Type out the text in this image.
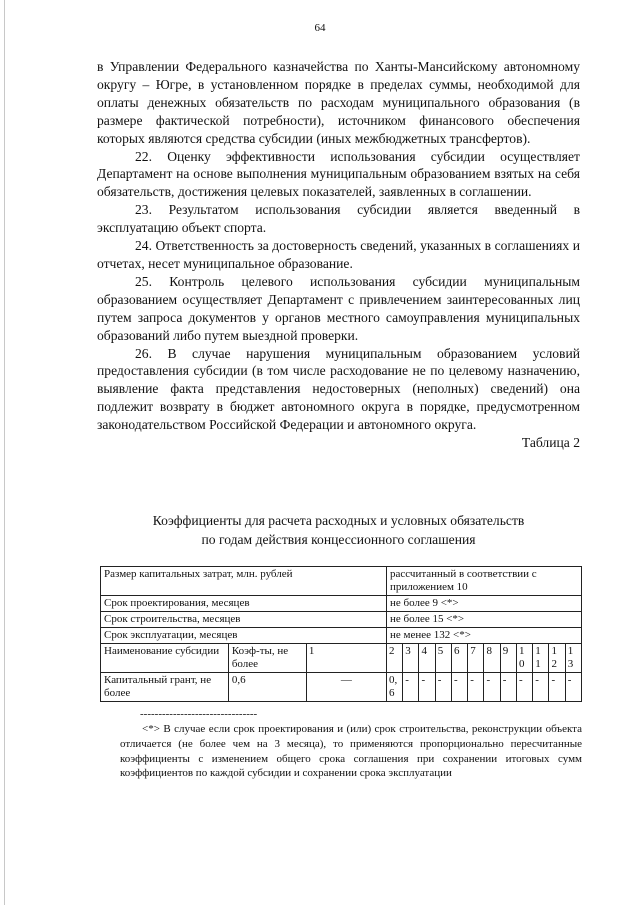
64

в Управлении Федерального казначейства по Ханты-Мансийскому автономному округу – Югре, в установленном порядке в пределах суммы, необходимой для оплаты денежных обязательств по расходам муниципального образования (в размере фактической потребности), источником финансового обеспечения которых являются средства субсидии (иных межбюджетных трансфертов).

22. Оценку эффективности использования субсидии осуществляет Департамент на основе выполнения муниципальным образованием взятых на себя обязательств, достижения целевых показателей, заявленных в соглашении.

23. Результатом использования субсидии является введенный в эксплуатацию объект спорта.

24. Ответственность за достоверность сведений, указанных в соглашениях и отчетах, несет муниципальное образование.

25. Контроль целевого использования субсидии муниципальным образованием осуществляет Департамент с привлечением заинтересованных лиц путем запроса документов у органов местного самоуправления муниципальных образований либо путем выездной проверки.

26. В случае нарушения муниципальным образованием условий предоставления субсидии (в том числе расходование не по целевому назначению, выявление факта представления недостоверных (неполных) сведений) она подлежит возврату в бюджет автономного округа в порядке, предусмотренном законодательством Российской Федерации и автономного округа.

Таблица 2

Коэффициенты для расчета расходных и условных обязательств
по годам действия концессионного соглашения
Размер капитальных затрат, млн. рублей			рассчитанный в соответствии с приложением 10											
Срок проектирования, месяцев			не более 9 <*>											
Срок строительства, месяцев			не более 15 <*>											
Срок эксплуатации, месяцев			не менее 132 <*>											
Наименование субсидии	Коэф-ты, не более	1	2	3	4	5	6	7	8	9	1 0	1 1	1 2	1 3
Капитальный грант, не более	0,6	—	0, 6	-	-	-	-	-	-	-	-	-	-	-
--------------------------------

<*> В случае если срок проектирования и (или) срок строительства, реконструкции объекта отличается (не более чем на 3 месяца), то применяются пропорционально пересчитанные коэффициенты с изменением общего срока соглашения при сохранении итоговых сумм коэффициентов по каждой субсидии и сохранении срока эксплуатации
